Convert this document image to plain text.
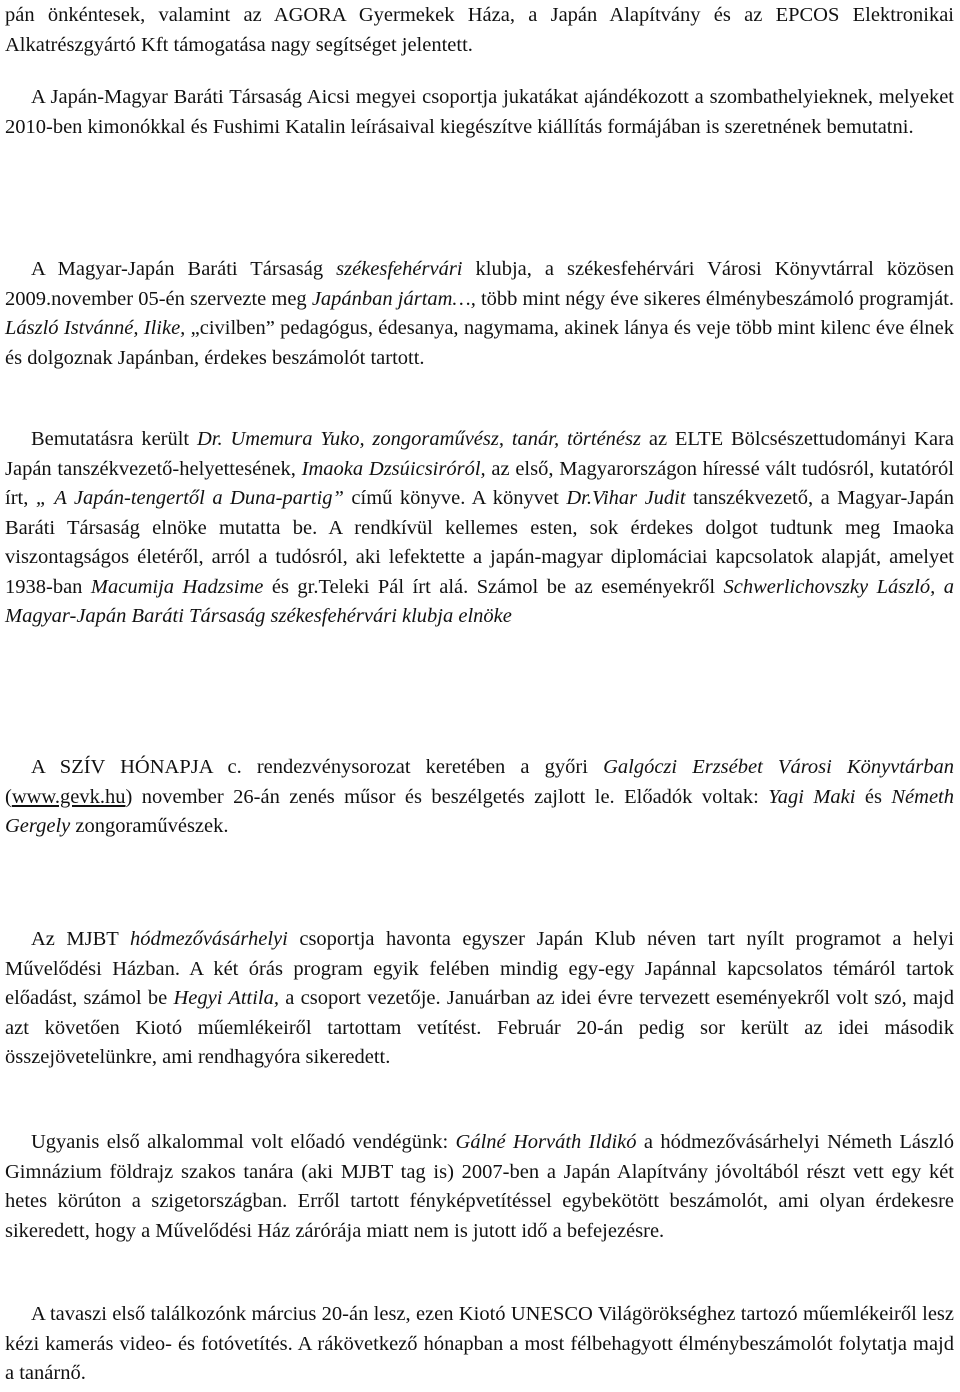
pán önkéntesek, valamint az AGORA Gyermekek Háza, a Japán Alapítvány és az EPCOS Elektronikai Alkatrészgyártó Kft támogatása nagy segítséget jelentett.

A Japán-Magyar Baráti Társaság Aicsi megyei csoportja jukatákat ajándékozott a szombathelyieknek, melyeket 2010-ben kimonókkal és Fushimi Katalin leírásaival kiegészítve kiállítás formájában is szeretnének bemutatni.

A Magyar-Japán Baráti Társaság székesfehérvári klubja, a székesfehérvári Városi Könyvtárral közösen 2009.november 05-én szervezte meg Japánban jártam…, több mint négy éve sikeres élménybeszámoló programját. László Istvánné, Ilike, „civilben” pedagógus, édesanya, nagymama, akinek lánya és veje több mint kilenc éve élnek és dolgoznak Japánban, érdekes beszámolót tartott.

Bemutatásra került Dr. Umemura Yuko, zongoraművész, tanár, történész az ELTE Bölcsészettudományi Kara Japán tanszékvezető-helyettesének, Imaoka Dzsúicsiróról, az első, Magyarországon híressé vált tudósról, kutatóról írt, „ A Japán-tengertől a Duna-partig” című könyve. A könyvet Dr.Vihar Judit tanszékvezető, a Magyar-Japán Baráti Társaság elnöke mutatta be. A rendkívül kellemes esten, sok érdekes dolgot tudtunk meg Imaoka viszontagságos életéről, arról a tudósról, aki lefektette a japán-magyar diplomáciai kapcsolatok alapját, amelyet 1938-ban Macumija Hadzsime és gr.Teleki Pál írt alá. Számol be az eseményekről Schwerlichovszky László, a Magyar-Japán Baráti Társaság székesfehérvári klubja elnöke

A SZÍV HÓNAPJA c. rendezvénysorozat keretében a győri Galgóczi Erzsébet Városi Könyvtárban (www.gevk.hu) november 26-án zenés műsor és beszélgetés zajlott le. Előadók voltak: Yagi Maki és Németh Gergely zongoraművészek.

Az MJBT hódmezővásárhelyi csoportja havonta egyszer Japán Klub néven tart nyílt programot a helyi Művelődési Házban. A két órás program egyik felében mindig egy-egy Japánnal kapcsolatos témáról tartok előadást, számol be Hegyi Attila, a csoport vezetője. Januárban az idei évre tervezett eseményekről volt szó, majd azt követően Kiotó műemlékeiről tartottam vetítést. Február 20-án pedig sor került az idei második összejövetelünkre, ami rendhagyóra sikeredett.

Ugyanis első alkalommal volt előadó vendégünk: Gálné Horváth Ildikó a hódmezővásárhelyi Németh László Gimnázium földrajz szakos tanára (aki MJBT tag is) 2007-ben a Japán Alapítvány jóvoltából részt vett egy két hetes körúton a szigetországban. Erről tartott fényképvetítéssel egybekötött beszámolót, ami olyan érdekesre sikeredett, hogy a Művelődési Ház zárórája miatt nem is jutott idő a befejezésre.

A tavaszi első találkozónk március 20-án lesz, ezen Kiotó UNESCO Világörökséghez tartozó műemlékeiről lesz kézi kamerás video- és fotóvetítés. A rákövetkező hónapban a most félbehagyott élménybeszámolót folytatja majd a tanárnő.
